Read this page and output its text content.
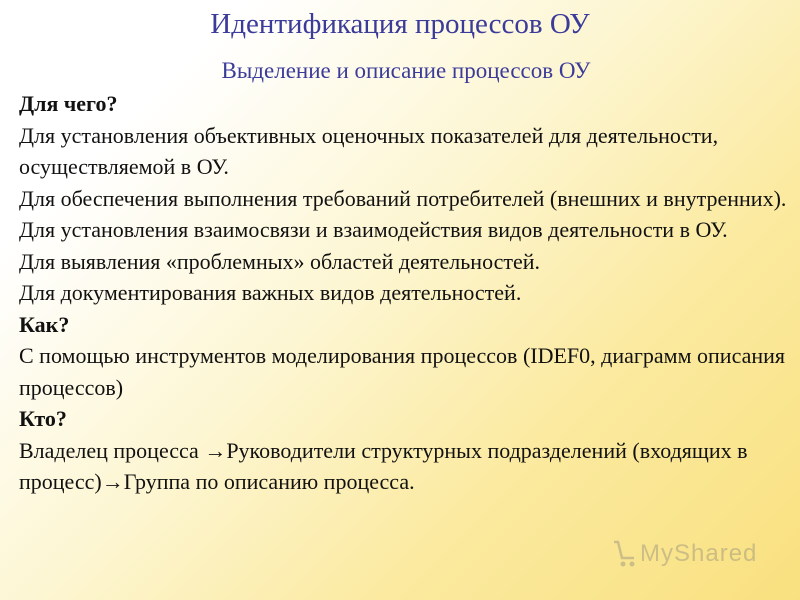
Идентификация процессов ОУ
Выделение и описание процессов ОУ

Для чего?

Для установления объективных оценочных показателей для деятельности, осуществляемой в ОУ.

Для обеспечения выполнения требований потребителей (внешних и внутренних).

Для установления взаимосвязи и взаимодействия видов деятельности в ОУ.

Для выявления «проблемных» областей деятельностей.

Для документирования важных видов деятельностей.

Как?

С помощью инструментов моделирования процессов (IDEF0, диаграмм описания процессов)

Кто?

Владелец процесса →Руководители структурных подразделений (входящих в процесс)→Группа по описанию процесса.

MyShared
